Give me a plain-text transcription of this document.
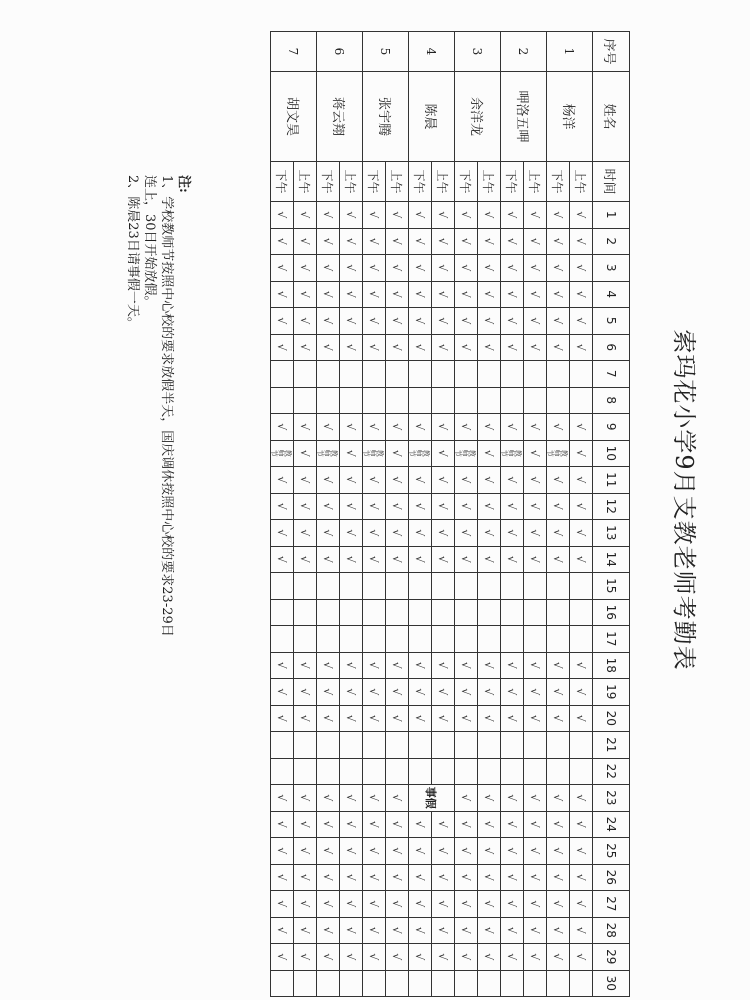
索玛花小学9月支教老师考勤表
序号	姓名	时间	1	2	3	4	5	6	7	8	9	10	11	12	13	14	15	16	17	18	19	20	21	22	23	24	25	26	27	28	29	30
1	杨洋	上午	√	√	√	√	√	√			√	√	√	√	√	√				√	√	√			√	√	√	√	√	√	√	
		下午	√	√	√	√	√	√			√	教师节	√	√	√	√				√	√	√			√	√	√	√	√	√	√	
2	呷洛五呷	上午	√	√	√	√	√	√			√	√	√	√	√	√				√	√	√			√	√	√	√	√	√	√	
		下午	√	√	√	√	√	√			√	教师节	√	√	√	√				√	√	√			√	√	√	√	√	√	√	
3	余洋龙	上午	√	√	√	√	√	√			√	√	√	√	√	√				√	√	√			√	√	√	√	√	√	√	
		下午	√	√	√	√	√	√			√	教师节	√	√	√	√				√	√	√			√	√	√	√	√	√	√	
4	陈晨	上午	√	√	√	√	√	√			√	√	√	√	√	√				√	√	√			事假	√	√	√	√	√	√	
		下午	√	√	√	√	√	√			√	教师节	√	√	√	√				√	√	√				√	√	√	√	√	√	
5	张宇腾	上午	√	√	√	√	√	√			√	√	√	√	√	√				√	√	√			√	√	√	√	√	√	√	
		下午	√	√	√	√	√	√			√	教师节	√	√	√	√				√	√	√			√	√	√	√	√	√	√	
6	蒋云翔	上午	√	√	√	√	√	√			√	√	√	√	√	√				√	√	√			√	√	√	√	√	√	√	
		下午	√	√	√	√	√	√			√	教师节	√	√	√	√				√	√	√			√	√	√	√	√	√	√	
7	胡文昊	上午	√	√	√	√	√	√			√	√	√	√	√	√				√	√	√			√	√	√	√	√	√	√	
		下午	√	√	√	√	√	√			√	教师节	√	√	√	√				√	√	√			√	√	√	√	√	√	√	
注:
1、学校教师节按照中心校的要求放假半天，国庆调休按照中心校的要求23-29日
连上，30日开始放假。
2、陈晨23日请事假一天。
